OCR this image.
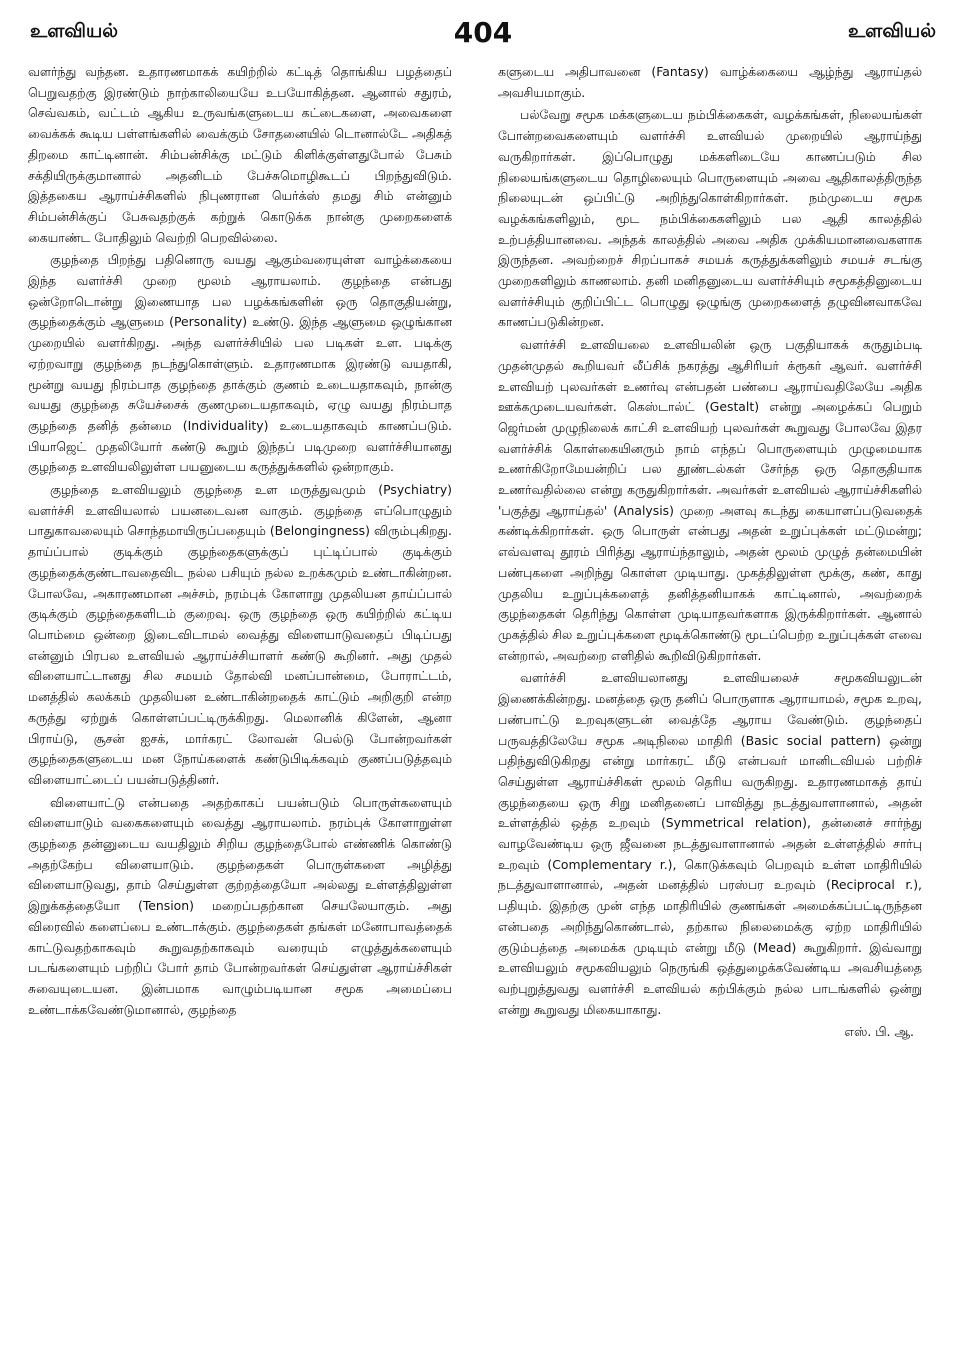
உளவியல்	404	உளவியல்

வளர்ந்து வந்தன. உதாரணமாகக் கயிற்றில் கட்டித் தொங்கிய பழத்தைப் பெறுவதற்கு இரண்டும் நாற்காலியையே உபயோகித்தன. ஆனால் சதுரம், செவ்வகம், வட்டம் ஆகிய உருவங்களுடைய கட்டைகளை, அவைகளை வைக்கக் கூடிய பள்ளங்களில் வைக்கும் சோதனையில் டொனால்டே அதிகத் திறமை காட்டினான். சிம்பன்சிக்கு மட்டும் கிளிக்குள்ளதுபோல் பேசும் சக்தியிருக்குமானால் அதனிடம் பேச்சுமொழிகூடப் பிறந்துவிடும். இத்தகைய ஆராய்ச்சிகளில் நிபுணரான யெர்க்ஸ் தமது சிம் என்னும் சிம்பன்சிக்குப் பேசுவதற்குக் கற்றுக் கொடுக்க நான்கு முறைகளைக் கையாண்ட போதிலும் வெற்றி பெறவில்லை.

குழந்தை பிறந்து பதினொரு வயது ஆகும்வரையுள்ள வாழ்க்கையை இந்த வளர்ச்சி முறை மூலம் ஆராயலாம். குழந்தை என்பது ஒன்றோடொன்று இணையாத பல பழக்கங்களின் ஒரு தொகுதியன்று, குழந்தைக்கும் ஆளுமை (Personality) உண்டு. இந்த ஆளுமை ஒழுங்கான முறையில் வளர்கிறது. அந்த வளர்ச்சியில் பல படிகள் உள. படிக்கு ஏற்றவாறு குழந்தை நடந்துகொள்ளும். உதாரணமாக இரண்டு வயதாகி, மூன்று வயது நிரம்பாத குழந்தை தாக்கும் குணம் உடையதாகவும், நான்கு வயது குழந்தை சுயேச்சைக் குணமுடையதாகவும், ஏழு வயது நிரம்பாத குழந்தை தனித் தன்மை (Individuality) உடையதாகவும் காணப்படும். பியாஜெட் முதலியோர் கண்டு கூறும் இந்தப் படிமுறை வளர்ச்சியானது குழந்தை உளவியலிலுள்ள பயனுடைய கருத்துக்களில் ஒன்றாகும்.

குழந்தை உளவியலும் குழந்தை உள மருத்துவமும் (Psychiatry) வளர்ச்சி உளவியலால் பயனடைவன வாகும். குழந்தை எப்பொழுதும் பாதுகாவலையும் சொந்தமாயிருப்பதையும் (Belongingness) விரும்புகிறது. தாய்ப்பால் குடிக்கும் குழந்தைகளுக்குப் புட்டிப்பால் குடிக்கும் குழந்தைக்குண்டாவதைவிட நல்ல பசியும் நல்ல உறக்கமும் உண்டாகின்றன. போலவே, அகாரணமான அச்சம், நரம்புக் கோளாறு முதலியன தாய்ப்பால் குடிக்கும் குழந்தைகளிடம் குறைவு. ஒரு குழந்தை ஒரு கயிற்றில் கட்டிய பொம்மை ஒன்றை இடைவிடாமல் வைத்து விளையாடுவதைப் பிடிப்பது என்னும் பிரபல உளவியல் ஆராய்ச்சியாளர் கண்டு கூறினர். அது முதல் விளையாட்டானது சில சமயம் தோல்வி மனப்பான்மை, போராட்டம், மனத்தில் கலக்கம் முதலியன உண்டாகின்றதைக் காட்டும் அறிகுறி என்ற கருத்து ஏற்றுக் கொள்ளப்பட்டிருக்கிறது. மெலானிக் கிளேன், ஆனா பிராய்டு, சூசன் ஐசக், மார்கரட் லோவன் பெல்டு போன்றவர்கள் குழந்தைகளுடைய மன நோய்களைக் கண்டுபிடிக்கவும் குணப்படுத்தவும் விளையாட்டைப் பயன்படுத்தினர்.

விளையாட்டு என்பதை அதற்காகப் பயன்படும் பொருள்களையும் விளையாடும் வகைகளையும் வைத்து ஆராயலாம். நரம்புக் கோளாறுள்ள குழந்தை தன்னுடைய வயதிலும் சிறிய குழந்தைபோல் எண்ணிக் கொண்டு அதற்கேற்ப விளையாடும். குழந்தைகள் பொருள்களை அழித்து விளையாடுவது, தாம் செய்துள்ள குற்றத்தையோ அல்லது உள்ளத்திலுள்ள இறுக்கத்தையோ (Tension) மறைப்பதற்கான செயலேயாகும். அது விரைவில் களைப்பை உண்டாக்கும். குழந்தைகள் தங்கள் மனோபாவத்தைக் காட்டுவதற்காகவும் கூறுவதற்காகவும் வரையும் எழுத்துக்களையும் படங்களையும் பற்றிப் போர் தாம் போன்றவர்கள் செய்துள்ள ஆராய்ச்சிகள் சுவையுடையன. இன்பமாக வாழும்படியான சமூக அமைப்பை உண்டாக்கவேண்டுமானால், குழந்தை

களுடைய அதிபாவனை (Fantasy) வாழ்க்கையை ஆழ்ந்து ஆராய்தல் அவசியமாகும்.

பல்வேறு சமூக மக்களுடைய நம்பிக்கைகள், வழக்கங்கள், நிலையங்கள் போன்றவைகளையும் வளர்ச்சி உளவியல் முறையில் ஆராய்ந்து வருகிறார்கள். இப்பொழுது மக்களிடையே காணப்படும் சில நிலையங்களுடைய தொழிலையும் பொருளையும் அவை ஆதிகாலத்திருந்த நிலையுடன் ஒப்பிட்டு அறிந்துகொள்கிறார்கள். நம்முடைய சமூக வழக்கங்களிலும், மூட நம்பிக்கைகளிலும் பல ஆதி காலத்தில் உற்பத்தியானவை. அந்தக் காலத்தில் அவை அதிக முக்கியமானவைகளாக இருந்தன. அவற்றைச் சிறப்பாகச் சமயக் கருத்துக்களிலும் சமயச் சடங்கு முறைகளிலும் காணலாம். தனி மனிதனுடைய வளர்ச்சியும் சமூகத்தினுடைய வளர்ச்சியும் குறிப்பிட்ட பொழுது ஒழுங்கு முறைகளைத் தழுவினவாகவே காணப்படுகின்றன.

வளர்ச்சி உளவியலை உளவியலின் ஒரு பகுதியாகக் கருதும்படி முதன்முதல் கூறியவர் லீப்சிக் நகரத்து ஆசிரியர் க்ரூகர் ஆவர். வளர்ச்சி உளவியற் புலவர்கள் உணர்வு என்பதன் பண்பை ஆராய்வதிலேயே அதிக ஊக்கமுடையவர்கள். கெஸ்டால்ட் (Gestalt) என்று அழைக்கப் பெறும் ஜெர்மன் முழுநிலைக் காட்சி உளவியற் புலவர்கள் கூறுவது போலவே இதர வளர்ச்சிக் கொள்கையினரும் நாம் எந்தப் பொருளையும் முழுமையாக உணர்கிறோமேயன்றிப் பல தூண்டல்கள் சேர்ந்த ஒரு தொகுதியாக உணர்வதில்லை என்று கருதுகிறார்கள். அவர்கள் உளவியல் ஆராய்ச்சிகளில் 'பகுத்து ஆராய்தல்' (Analysis) முறை அளவு கடந்து கையாளப்படுவதைக் கண்டிக்கிறார்கள். ஒரு பொருள் என்பது அதன் உறுப்புக்கள் மட்டுமன்று; எவ்வளவு தூரம் பிரித்து ஆராய்ந்தாலும், அதன் மூலம் முழுத் தன்மையின் பண்புகளை அறிந்து கொள்ள முடியாது. முகத்திலுள்ள மூக்கு, கண், காது முதலிய உறுப்புக்களைத் தனித்தனியாகக் காட்டினால், அவற்றைக் குழந்தைகள் தெரிந்து கொள்ள முடியாதவர்களாக இருக்கிறார்கள். ஆனால் முகத்தில் சில உறுப்புக்களை மூடிக்கொண்டு மூடப்பெற்ற உறுப்புக்கள் எவை என்றால், அவற்றை எளிதில் கூறிவிடுகிறார்கள்.

வளர்ச்சி உளவியலானது உளவியலைச் சமூகவியலுடன் இணைக்கின்றது. மனத்தை ஒரு தனிப் பொருளாக ஆராயாமல், சமூக உறவு, பண்பாட்டு உறவுகளுடன் வைத்தே ஆராய வேண்டும். குழந்தைப் பருவத்திலேயே சமூக அடிநிலை மாதிரி (Basic social pattern) ஒன்று பதிந்துவிடுகிறது என்று மார்கரட் மீடு என்பவர் மானிடவியல் பற்றிச் செய்துள்ள ஆராய்ச்சிகள் மூலம் தெரிய வருகிறது. உதாரணமாகத் தாய் குழந்தையை ஒரு சிறு மனிதனைப் பாவித்து நடத்துவாளானால், அதன் உள்ளத்தில் ஒத்த உறவும் (Symmetrical relation), தன்னைச் சார்ந்து வாழவேண்டிய ஒரு ஜீவனை நடத்துவாளானால் அதன் உள்ளத்தில் சார்பு உறவும் (Complementary r.), கொடுக்கவும் பெறவும் உள்ள மாதிரியில் நடத்துவாளானால், அதன் மனத்தில் பரஸ்பர உறவும் (Reciprocal r.), பதியும். இதற்கு முன் எந்த மாதிரியில் குணங்கள் அமைக்கப்பட்டிருந்தன என்பதை அறிந்துகொண்டால், தற்கால நிலைமைக்கு ஏற்ற மாதிரியில் குடும்பத்தை அமைக்க முடியும் என்று மீடு (Mead) கூறுகிறார். இவ்வாறு உளவியலும் சமூகவியலும் நெருங்கி ஒத்துழைக்கவேண்டிய அவசியத்தை வற்புறுத்துவது வளர்ச்சி உளவியல் கற்பிக்கும் நல்ல பாடங்களில் ஒன்று என்று கூறுவது மிகையாகாது.

எஸ். பி. ஆ.
